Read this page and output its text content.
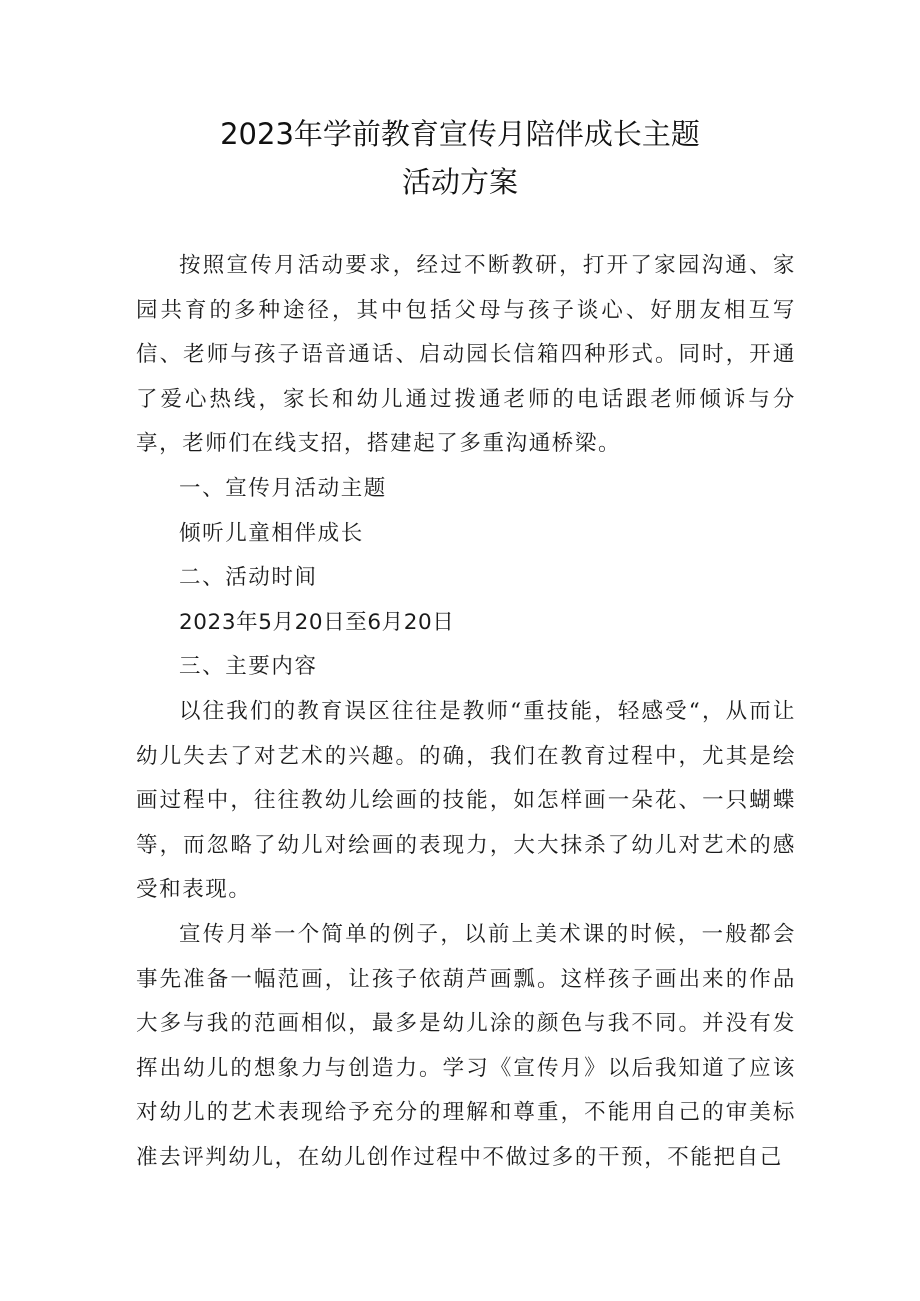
2023年学前教育宣传月陪伴成长主题
活动方案

按照宣传月活动要求，经过不断教研，打开了家园沟通、家园共育的多种途径，其中包括父母与孩子谈心、好朋友相互写信、老师与孩子语音通话、启动园长信箱四种形式。同时，开通了爱心热线，家长和幼儿通过拨通老师的电话跟老师倾诉与分享，老师们在线支招，搭建起了多重沟通桥梁。

一、宣传月活动主题

倾听儿童相伴成长

二、活动时间

2023年5月20日至6月20日

三、主要内容

以往我们的教育误区往往是教师“重技能，轻感受“，从而让幼儿失去了对艺术的兴趣。的确，我们在教育过程中，尤其是绘画过程中，往往教幼儿绘画的技能，如怎样画一朵花、一只蝴蝶等，而忽略了幼儿对绘画的表现力，大大抹杀了幼儿对艺术的感受和表现。

宣传月举一个简单的例子，以前上美术课的时候，一般都会事先准备一幅范画，让孩子依葫芦画瓢。这样孩子画出来的作品大多与我的范画相似，最多是幼儿涂的颜色与我不同。并没有发挥出幼儿的想象力与创造力。学习《宣传月》以后我知道了应该对幼儿的艺术表现给予充分的理解和尊重，不能用自己的审美标准去评判幼儿，在幼儿创作过程中不做过多的干预，不能把自己
